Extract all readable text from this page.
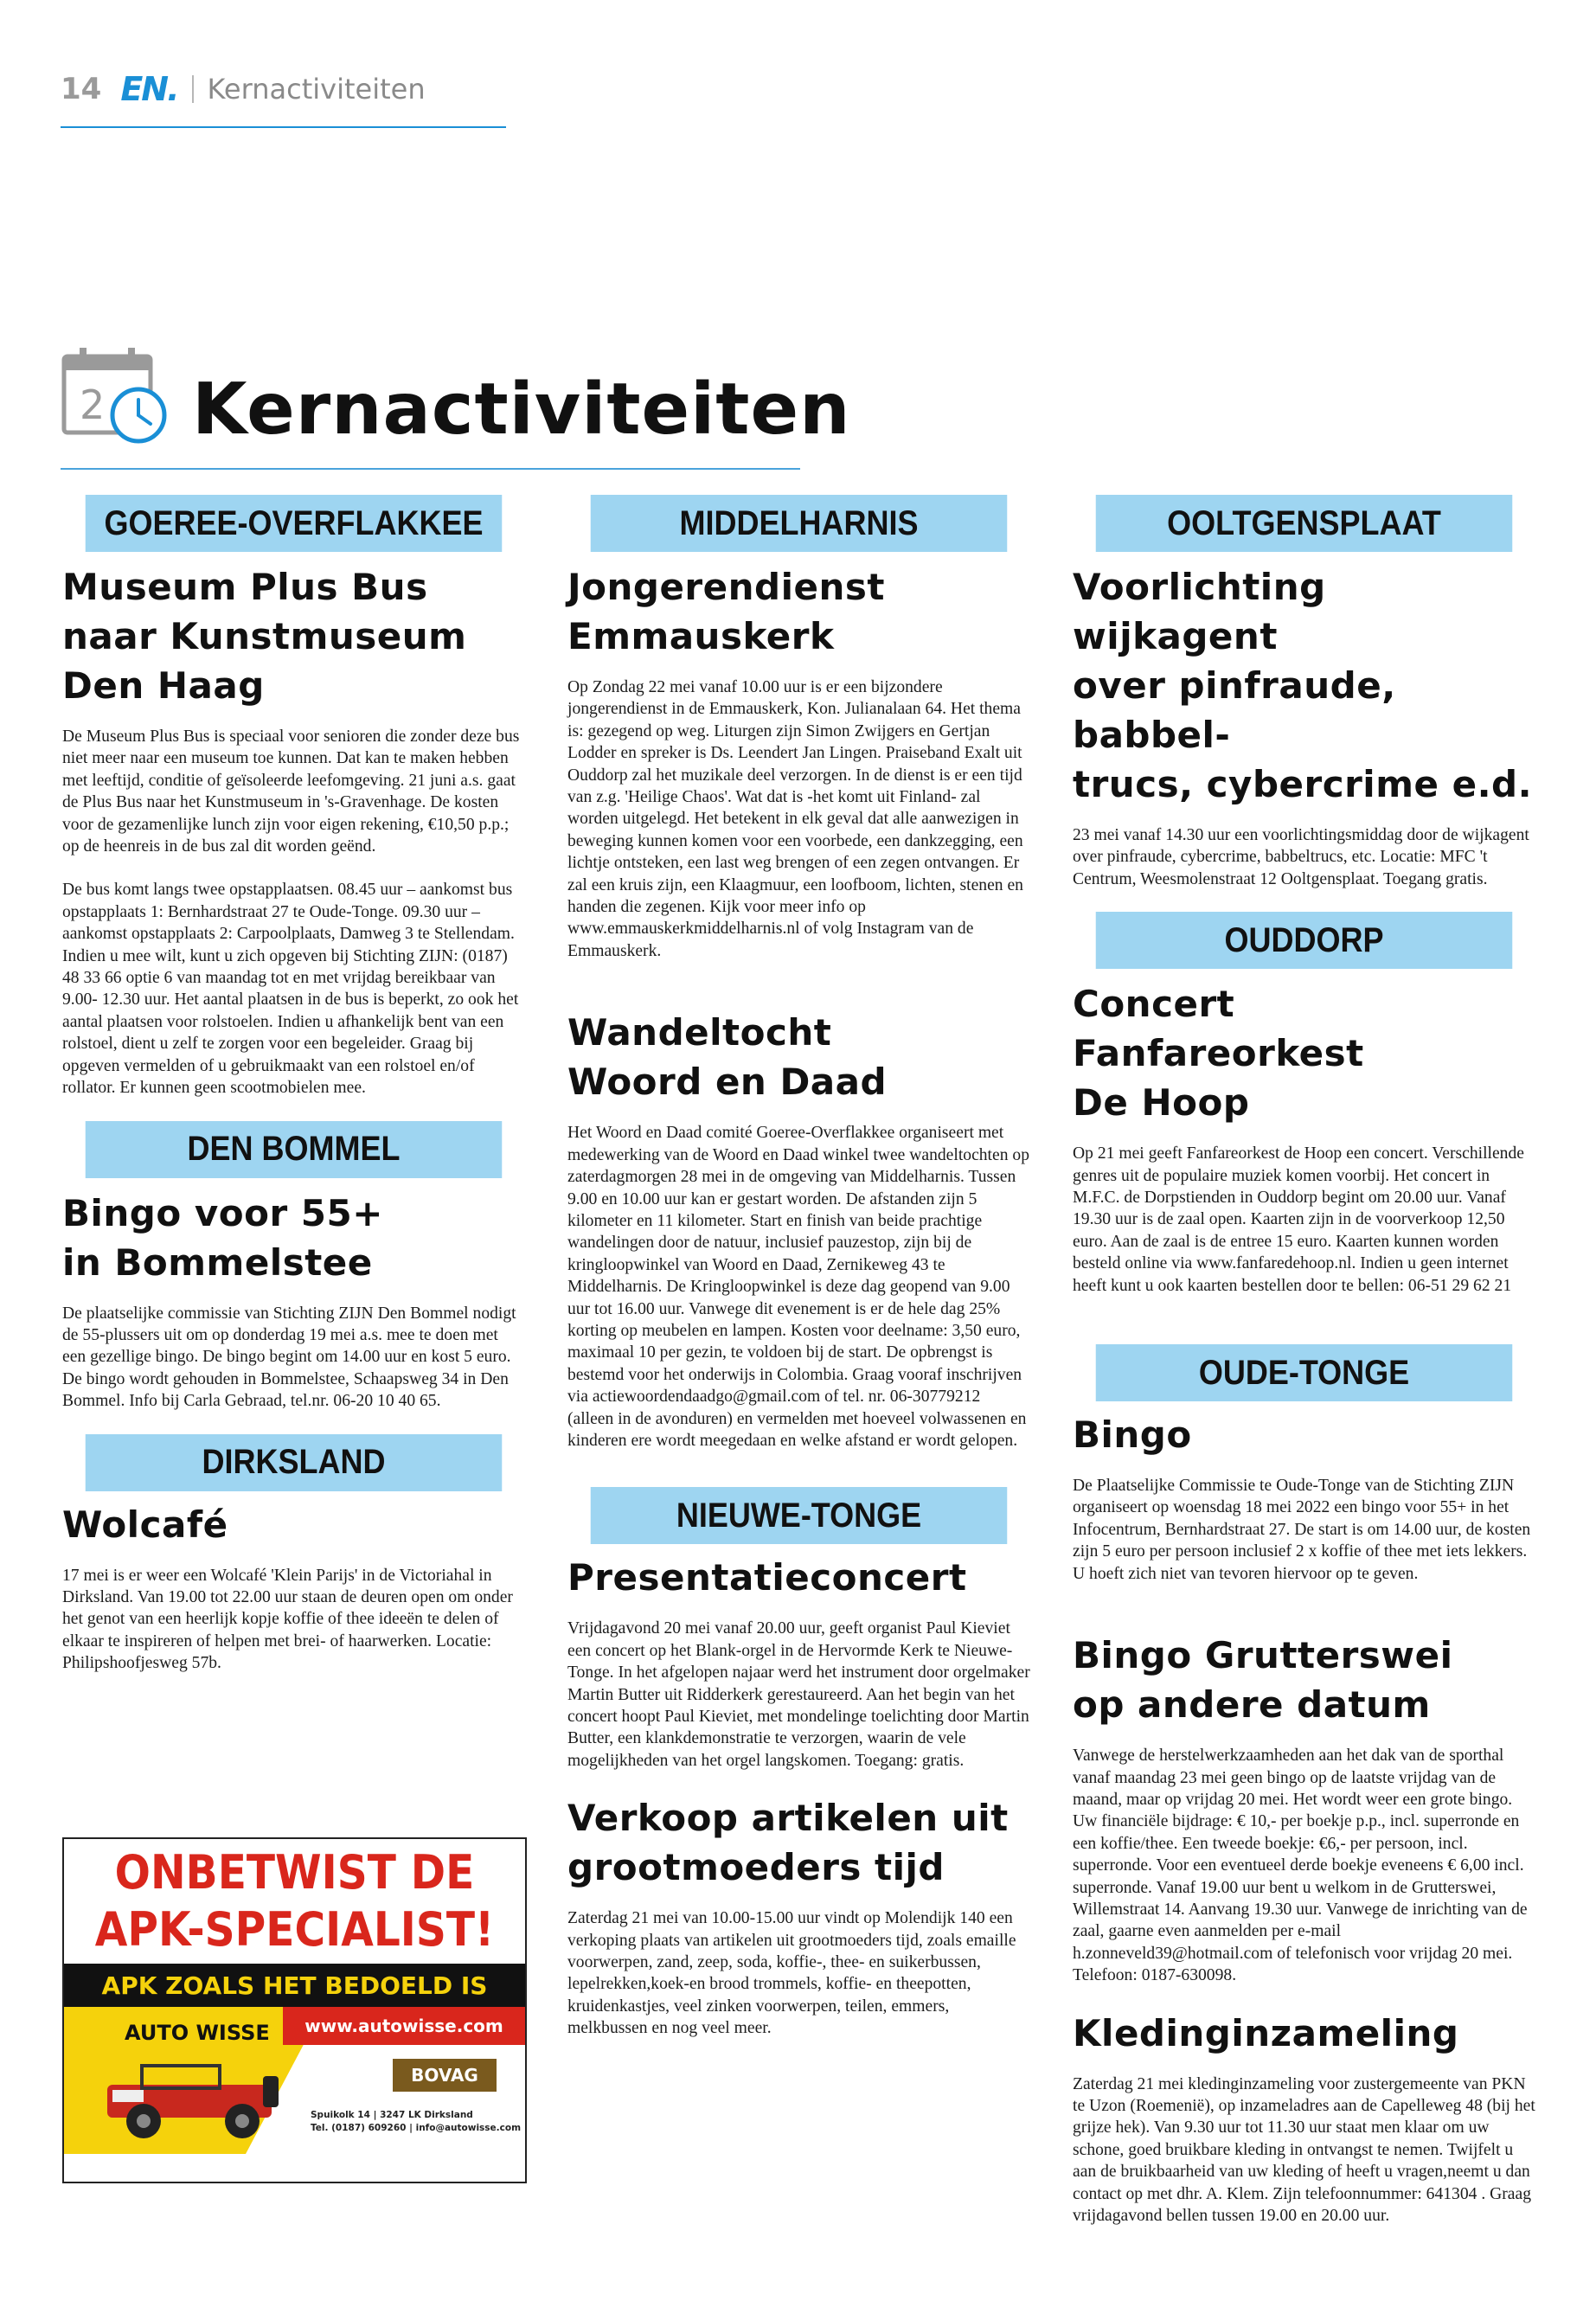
14 EN. Kernactiviteiten
2 Kernactiviteiten
GOEREE-OVERFLAKKEE
Museum Plus Bus
naar Kunstmuseum
Den Haag

De Museum Plus Bus is speciaal voor senioren die zonder deze bus niet meer naar een museum toe kunnen. Dat kan te maken hebben met leeftijd, conditie of geïsoleerde leefomgeving. 21 juni a.s. gaat de Plus Bus naar het Kunstmuseum in 's-Gravenhage. De kosten voor de gezamenlijke lunch zijn voor eigen rekening, €10,50 p.p.; op de heenreis in de bus zal dit worden geënd.

De bus komt langs twee opstapplaatsen. 08.45 uur – aankomst bus opstapplaats 1: Bernhardstraat 27 te Oude-Tonge. 09.30 uur – aankomst opstapplaats 2: Carpoolplaats, Damweg 3 te Stellendam. Indien u mee wilt, kunt u zich opgeven bij Stichting ZIJN: (0187) 48 33 66 optie 6 van maandag tot en met vrijdag bereikbaar van 9.00- 12.30 uur. Het aantal plaatsen in de bus is beperkt, zo ook het aantal plaatsen voor rolstoelen. Indien u afhankelijk bent van een rolstoel, dient u zelf te zorgen voor een begeleider. Graag bij opgeven vermelden of u gebruikmaakt van een rolstoel en/of rollator. Er kunnen geen scootmobielen mee.

DEN BOMMEL
Bingo voor 55+
in Bommelstee

De plaatselijke commissie van Stichting ZIJN Den Bommel nodigt de 55-plussers uit om op donderdag 19 mei a.s. mee te doen met een gezellige bingo. De bingo begint om 14.00 uur en kost 5 euro. De bingo wordt gehouden in Bommelstee, Schaapsweg 34 in Den Bommel. Info bij Carla Gebraad, tel.nr. 06-20 10 40 65.

DIRKSLAND
Wolcafé

17 mei is er weer een Wolcafé 'Klein Parijs' in de Victoriahal in Dirksland. Van 19.00 tot 22.00 uur staan de deuren open om onder het genot van een heerlijk kopje koffie of thee ideeën te delen of elkaar te inspireren of helpen met brei- of haarwerken. Locatie: Philipshoofjesweg 57b.

MIDDELHARNIS
Jongerendienst
Emmauskerk

Op Zondag 22 mei vanaf 10.00 uur is er een bijzondere jongerendienst in de Emmauskerk, Kon. Julianalaan 64. Het thema is: gezegend op weg. Liturgen zijn Simon Zwijgers en Gertjan Lodder en spreker is Ds. Leendert Jan Lingen. Praiseband Exalt uit Ouddorp zal het muzikale deel verzorgen. In de dienst is er een tijd van z.g. 'Heilige Chaos'. Wat dat is -het komt uit Finland- zal worden uitgelegd. Het betekent in elk geval dat alle aanwezigen in beweging kunnen komen voor een voorbede, een dankzegging, een lichtje ontsteken, een last weg brengen of een zegen ontvangen. Er zal een kruis zijn, een Klaagmuur, een loofboom, lichten, stenen en handen die zegenen. Kijk voor meer info op www.emmauskerkmiddelharnis.nl of volg Instagram van de Emmauskerk.

Wandeltocht
Woord en Daad

Het Woord en Daad comité Goeree-Overflakkee organiseert met medewerking van de Woord en Daad winkel twee wandeltochten op zaterdagmorgen 28 mei in de omgeving van Middelharnis. Tussen 9.00 en 10.00 uur kan er gestart worden. De afstanden zijn 5 kilometer en 11 kilometer. Start en finish van beide prachtige wandelingen door de natuur, inclusief pauzestop, zijn bij de kringloopwinkel van Woord en Daad, Zernikeweg 43 te Middelharnis. De Kringloopwinkel is deze dag geopend van 9.00 uur tot 16.00 uur. Vanwege dit evenement is er de hele dag 25% korting op meubelen en lampen. Kosten voor deelname: 3,50 euro, maximaal 10 per gezin, te voldoen bij de start. De opbrengst is bestemd voor het onderwijs in Colombia. Graag vooraf inschrijven via actiewoordendaadgo@gmail.com of tel. nr. 06-30779212 (alleen in de avonduren) en vermelden met hoeveel volwassenen en kinderen ere wordt meegedaan en welke afstand er wordt gelopen.

NIEUWE-TONGE
Presentatieconcert

Vrijdagavond 20 mei vanaf 20.00 uur, geeft organist Paul Kieviet een concert op het Blank-orgel in de Hervormde Kerk te Nieuwe-Tonge. In het afgelopen najaar werd het instrument door orgelmaker Martin Butter uit Ridderkerk gerestaureerd. Aan het begin van het concert hoopt Paul Kieviet, met mondelinge toelichting door Martin Butter, een klankdemonstratie te verzorgen, waarin de vele mogelijkheden van het orgel langskomen. Toegang: gratis.

Verkoop artikelen uit
grootmoeders tijd

Zaterdag 21 mei van 10.00-15.00 uur vindt op Molendijk 140 een verkoping plaats van artikelen uit grootmoeders tijd, zoals emaille voorwerpen, zand, zeep, soda, koffie-, thee- en suikerbussen, lepelrekken,koek-en brood trommels, koffie- en theepotten, kruidenkastjes, veel zinken voorwerpen, teilen, emmers, melkbussen en nog veel meer.

OOLTGENSPLAAT
Voorlichting wijkagent
over pinfraude, babbel-
trucs, cybercrime e.d.

23 mei vanaf 14.30 uur een voorlichtingsmiddag door de wijkagent over pinfraude, cybercrime, babbeltrucs, etc. Locatie: MFC 't Centrum, Weesmolenstraat 12 Ooltgensplaat. Toegang gratis.

OUDDORP
Concert Fanfareorkest
De Hoop

Op 21 mei geeft Fanfareorkest de Hoop een concert. Verschillende genres uit de populaire muziek komen voorbij. Het concert in M.F.C. de Dorpstienden in Ouddorp begint om 20.00 uur. Vanaf 19.30 uur is de zaal open. Kaarten zijn in de voorverkoop 12,50 euro. Aan de zaal is de entree 15 euro. Kaarten kunnen worden besteld online via www.fanfaredehoop.nl. Indien u geen internet heeft kunt u ook kaarten bestellen door te bellen: 06-51 29 62 21

OUDE-TONGE
Bingo

De Plaatselijke Commissie te Oude-Tonge van de Stichting ZIJN organiseert op woensdag 18 mei 2022 een bingo voor 55+ in het Infocentrum, Bernhardstraat 27. De start is om 14.00 uur, de kosten zijn 5 euro per persoon inclusief 2 x koffie of thee met iets lekkers. U hoeft zich niet van tevoren hiervoor op te geven.

Bingo Grutterswei
op andere datum

Vanwege de herstelwerkzaamheden aan het dak van de sporthal vanaf maandag 23 mei geen bingo op de laatste vrijdag van de maand, maar op vrijdag 20 mei. Het wordt weer een grote bingo. Uw financiële bijdrage: € 10,- per boekje p.p., incl. superronde en een koffie/thee. Een tweede boekje: €6,- per persoon, incl. superronde. Voor een eventueel derde boekje eveneens € 6,00 incl. superronde. Vanaf 19.00 uur bent u welkom in de Grutterswei, Willemstraat 14. Aanvang 19.30 uur. Vanwege de inrichting van de zaal, gaarne even aanmelden per e-mail h.zonneveld39@hotmail.com of telefonisch voor vrijdag 20 mei. Telefoon: 0187-630098.

Kledinginzameling

Zaterdag 21 mei kledinginzameling voor zustergemeente van PKN te Uzon (Roemenië), op inzameladres aan de Capelleweg 48 (bij het grijze hek). Van 9.30 uur tot 11.30 uur staat men klaar om uw schone, goed bruikbare kleding in ontvangst te nemen. Twijfelt u aan de bruikbaarheid van uw kleding of heeft u vragen,neemt u dan contact op met dhr. A. Klem. Zijn telefoonnummer: 641304 . Graag vrijdagavond bellen tussen 19.00 en 20.00 uur.

ONBETWIST DE
APK-SPECIALIST!
APK ZOALS HET BEDOELD IS
AUTO WISSE	www.autowisse.com
BOVAG
Spuikolk 14 | 3247 LK Dirksland
Tel. (0187) 609260 | info@autowisse.com
